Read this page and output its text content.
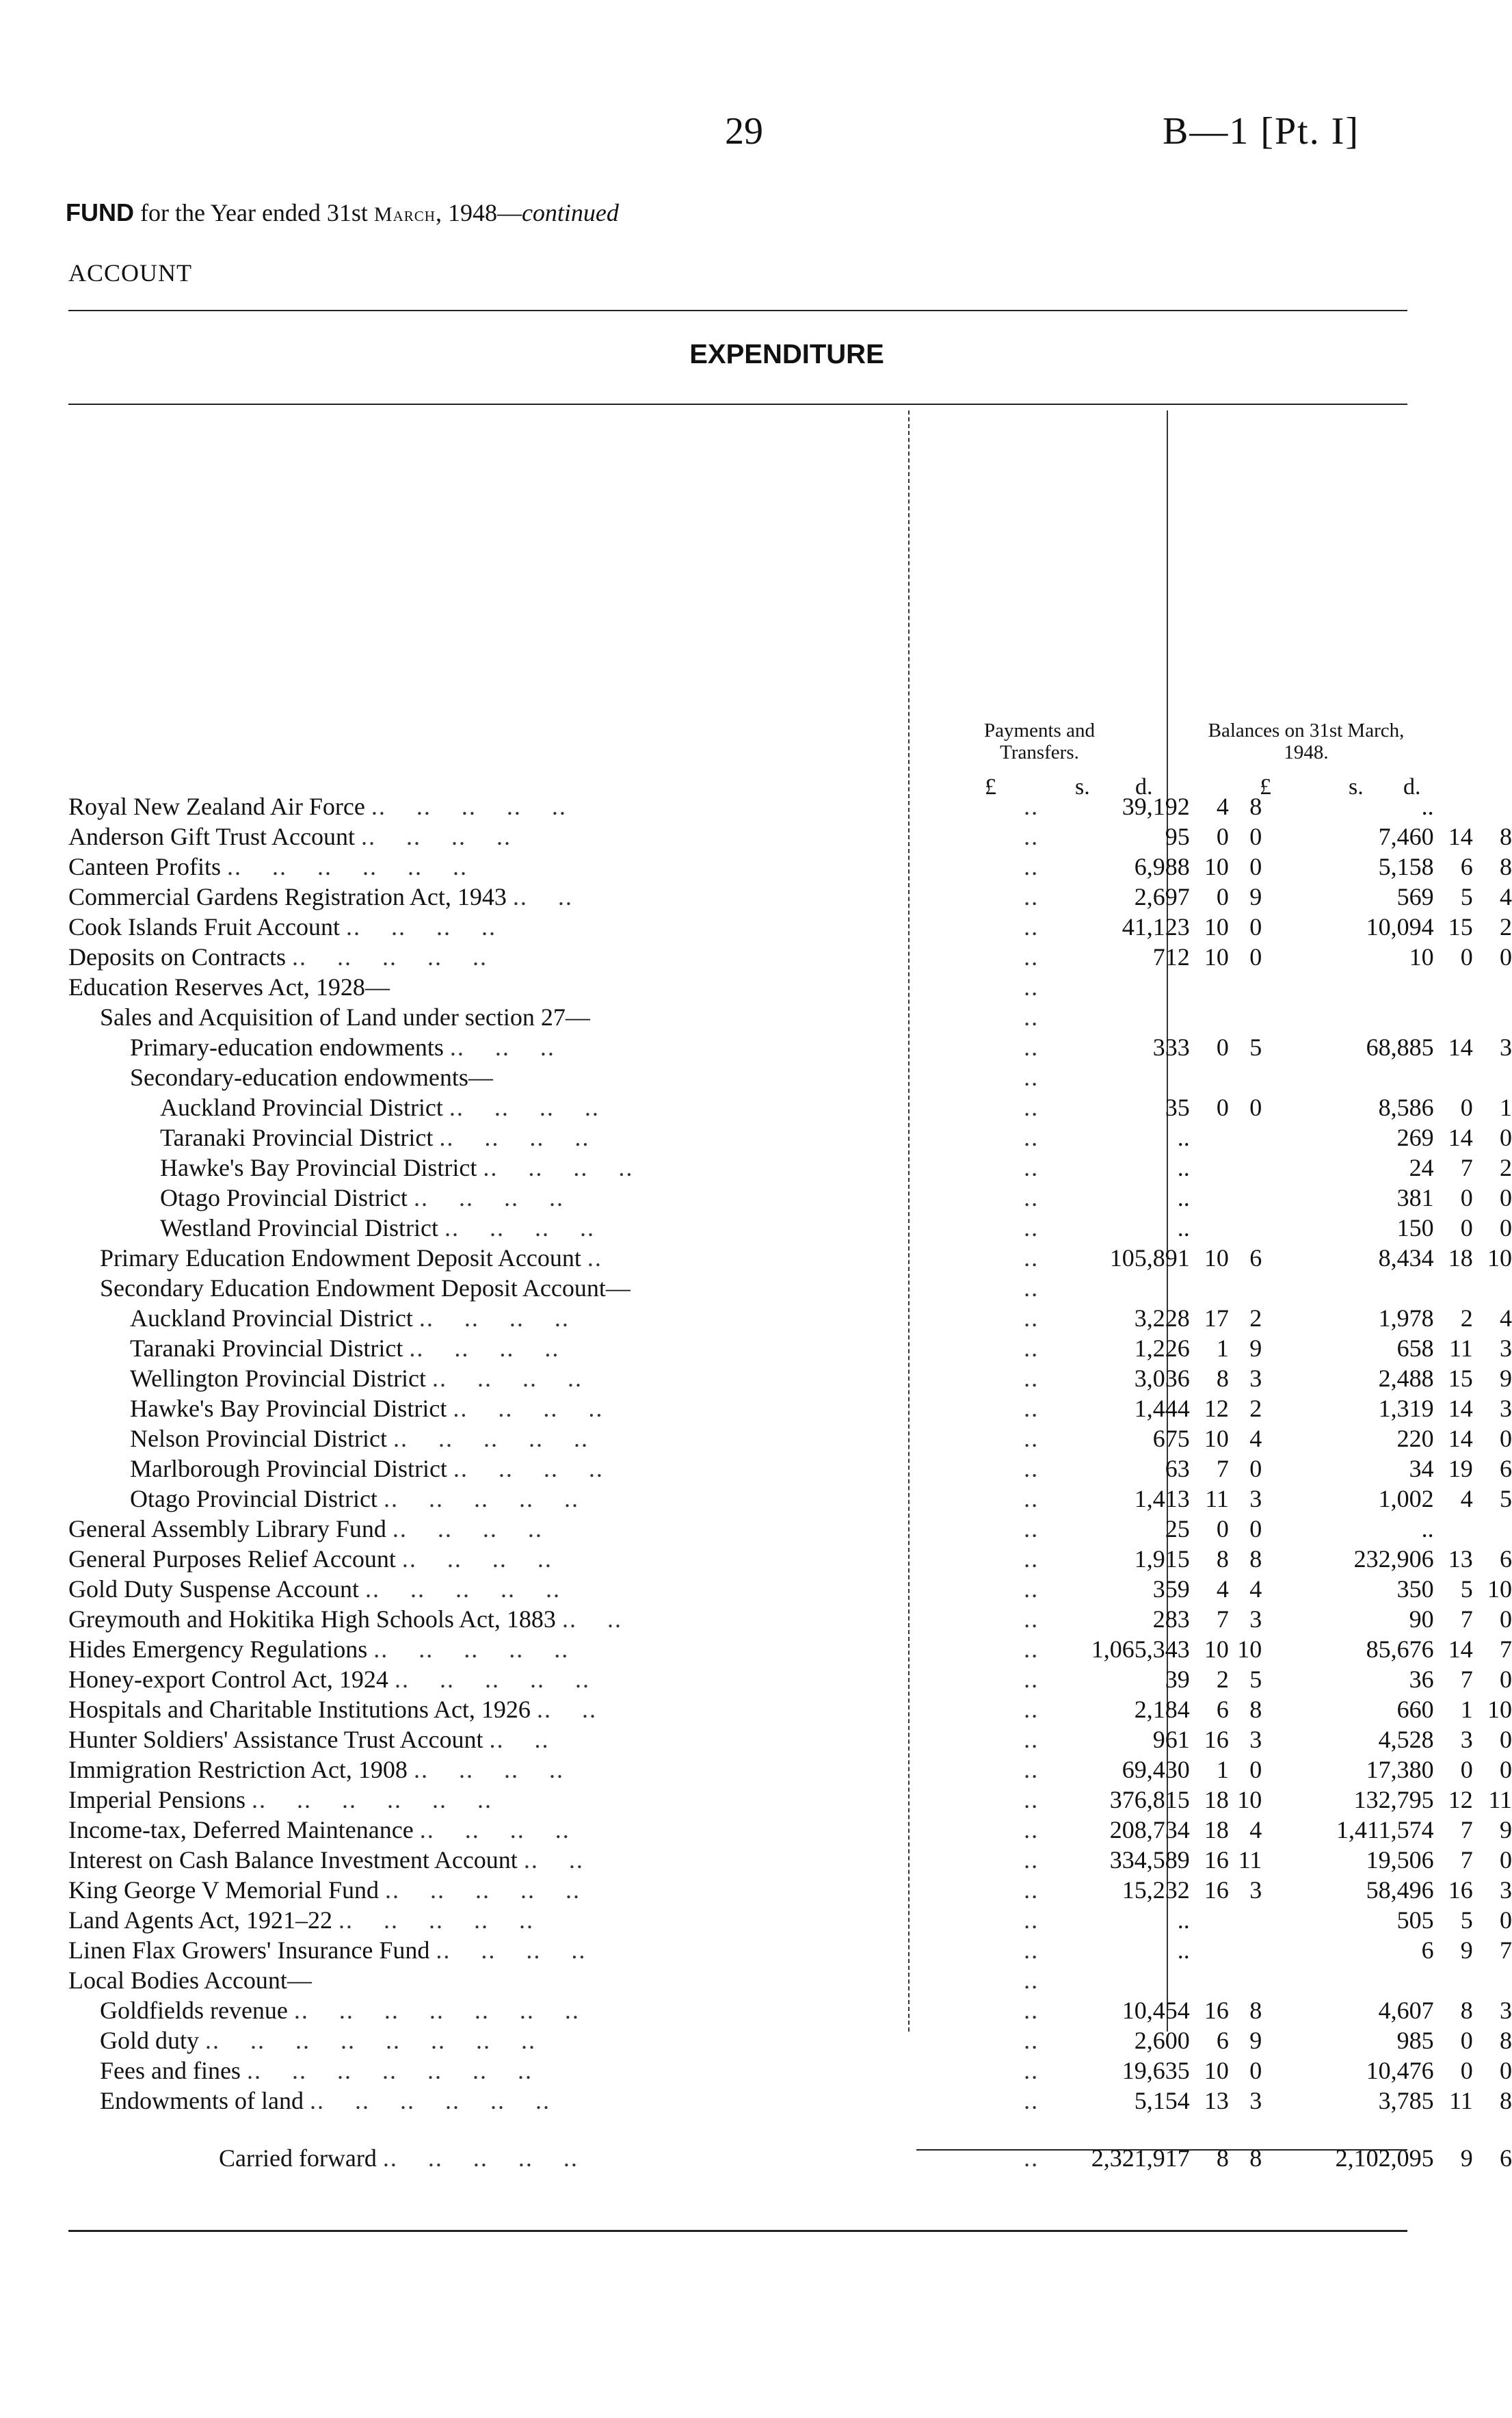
29	B—1 [Pt. I]
FUND for the Year ended 31st March, 1948—continued
ACCOUNT
EXPENDITURE
Payments and Transfers.
Balances on 31st March, 1948.
£	s. d.	£	s. d.
Royal New Zealand Air Force ..    ..    ..    ..    ..	..	39,192	4	8		..		
Anderson Gift Trust Account ..    ..    ..    ..	..	95	0	0		7,460	14	8
Canteen Profits ..    ..    ..    ..    ..    ..	..	6,988	10	0		5,158	6	8
Commercial Gardens Registration Act, 1943 ..    ..	..	2,697	0	9		569	5	4
Cook Islands Fruit Account ..    ..    ..    ..	..	41,123	10	0		10,094	15	2
Deposits on Contracts ..    ..    ..    ..    ..	..	712	10	0		10	0	0
Education Reserves Act, 1928—	..							
Sales and Acquisition of Land under section 27—	..							
Primary-education endowments ..    ..    ..	..	333	0	5		68,885	14	3
Secondary-education endowments—	..							
Auckland Provincial District ..    ..    ..    ..	..	35	0	0		8,586	0	1
Taranaki Provincial District ..    ..    ..    ..	..	..				269	14	0
Hawke's Bay Provincial District ..    ..    ..    ..	..	..				24	7	2
Otago Provincial District ..    ..    ..    ..	..	..				381	0	0
Westland Provincial District ..    ..    ..    ..	..	..				150	0	0
Primary Education Endowment Deposit Account ..	..	105,891	10	6		8,434	18	10
Secondary Education Endowment Deposit Account—	..							
Auckland Provincial District ..    ..    ..    ..	..	3,228	17	2		1,978	2	4
Taranaki Provincial District ..    ..    ..    ..	..	1,226	1	9		658	11	3
Wellington Provincial District ..    ..    ..    ..	..	3,036	8	3		2,488	15	9
Hawke's Bay Provincial District ..    ..    ..    ..	..	1,444	12	2		1,319	14	3
Nelson Provincial District ..    ..    ..    ..    ..	..	675	10	4		220	14	0
Marlborough Provincial District ..    ..    ..    ..	..	63	7	0		34	19	6
Otago Provincial District ..    ..    ..    ..    ..	..	1,413	11	3		1,002	4	5
General Assembly Library Fund ..    ..    ..    ..	..	25	0	0		..		
General Purposes Relief Account ..    ..    ..    ..	..	1,915	8	8		232,906	13	6
Gold Duty Suspense Account ..    ..    ..    ..    ..	..	359	4	4		350	5	10
Greymouth and Hokitika High Schools Act, 1883 ..    ..	..	283	7	3		90	7	0
Hides Emergency Regulations ..    ..    ..    ..    ..	..	1,065,343	10	10		85,676	14	7
Honey-export Control Act, 1924 ..    ..    ..    ..    ..	..	39	2	5		36	7	0
Hospitals and Charitable Institutions Act, 1926 ..    ..	..	2,184	6	8		660	1	10
Hunter Soldiers' Assistance Trust Account ..    ..	..	961	16	3		4,528	3	0
Immigration Restriction Act, 1908 ..    ..    ..    ..	..	69,430	1	0		17,380	0	0
Imperial Pensions ..    ..    ..    ..    ..    ..	..	376,815	18	10		132,795	12	11
Income-tax, Deferred Maintenance ..    ..    ..    ..	..	208,734	18	4		1,411,574	7	9
Interest on Cash Balance Investment Account ..    ..	..	334,589	16	11		19,506	7	0
King George V Memorial Fund ..    ..    ..    ..    ..	..	15,232	16	3		58,496	16	3
Land Agents Act, 1921–22 ..    ..    ..    ..    ..	..	..				505	5	0
Linen Flax Growers' Insurance Fund ..    ..    ..    ..	..	..				6	9	7
Local Bodies Account—	..							
Goldfields revenue ..    ..    ..    ..    ..    ..    ..	..	10,454	16	8		4,607	8	3
Gold duty ..    ..    ..    ..    ..    ..    ..    ..	..	2,600	6	9		985	0	8
Fees and fines ..    ..    ..    ..    ..    ..    ..	..	19,635	10	0		10,476	0	0
Endowments of land ..    ..    ..    ..    ..    ..	..	5,154	13	3		3,785	11	8
Carried forward ..    ..    ..    ..    ..	..	2,321,917	8	8		2,102,095	9	6
